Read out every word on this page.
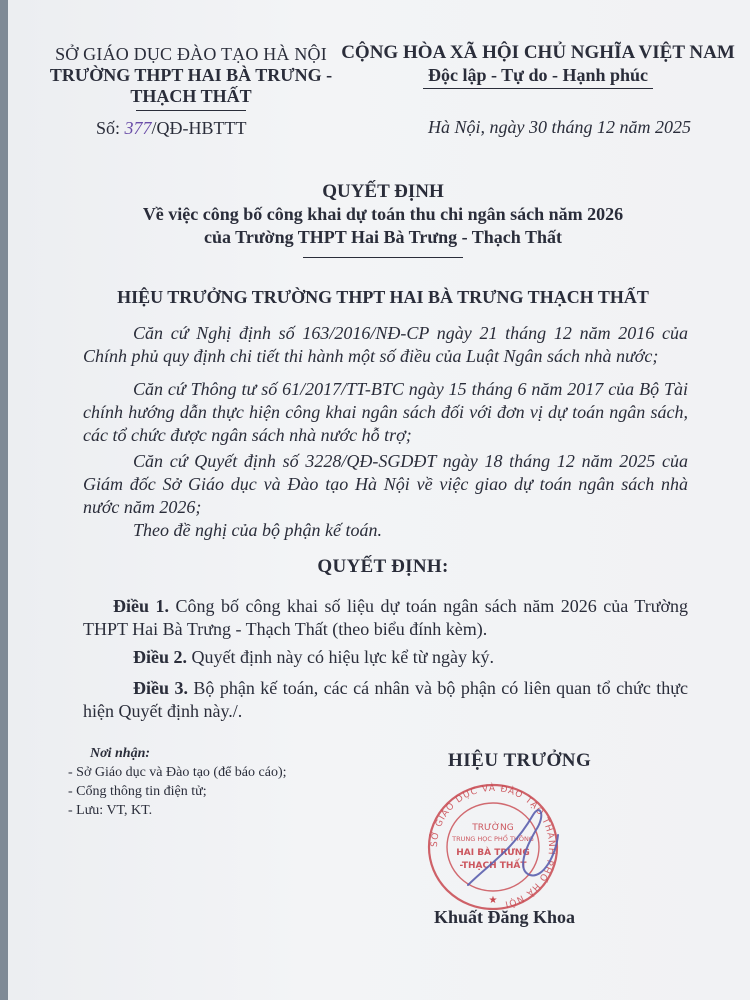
SỞ GIÁO DỤC ĐÀO TẠO HÀ NỘI
TRƯỜNG THPT HAI BÀ TRƯNG -
THẠCH THẤT
CỘNG HÒA XÃ HỘI CHỦ NGHĨA VIỆT NAM
Độc lập - Tự do - Hạnh phúc
Số: 377/QĐ-HBTTT	Hà Nội, ngày 30 tháng 12 năm 2025
QUYẾT ĐỊNH
Về việc công bố công khai dự toán thu chi ngân sách năm 2026
của Trường THPT Hai Bà Trưng - Thạch Thất
HIỆU TRƯỞNG TRƯỜNG THPT HAI BÀ TRƯNG THẠCH THẤT
Căn cứ Nghị định số 163/2016/NĐ-CP ngày 21 tháng 12 năm 2016 của Chính phủ quy định chi tiết thi hành một số điều của Luật Ngân sách nhà nước;
Căn cứ Thông tư số 61/2017/TT-BTC ngày 15 tháng 6 năm 2017 của Bộ Tài chính hướng dẫn thực hiện công khai ngân sách đối với đơn vị dự toán ngân sách, các tổ chức được ngân sách nhà nước hỗ trợ;
Căn cứ Quyết định số 3228/QĐ-SGDĐT ngày 18 tháng 12 năm 2025 của Giám đốc Sở Giáo dục và Đào tạo Hà Nội về việc giao dự toán ngân sách nhà nước năm 2026;
Theo đề nghị của bộ phận kế toán.
QUYẾT ĐỊNH:
Điều 1. Công bố công khai số liệu dự toán ngân sách năm 2026 của Trường THPT Hai Bà Trưng - Thạch Thất (theo biểu đính kèm).
Điều 2. Quyết định này có hiệu lực kể từ ngày ký.
Điều 3. Bộ phận kế toán, các cá nhân và bộ phận có liên quan tổ chức thực hiện Quyết định này./.
Nơi nhận:
- Sở Giáo dục và Đào tạo (để báo cáo);
- Cổng thông tin điện tử;
- Lưu: VT, KT.
HIỆU TRƯỞNG
SỞ GIÁO DỤC VÀ ĐÀO TẠO THÀNH PHỐ HÀ NỘI
TRƯỜNG
TRUNG HỌC PHỔ THÔNG
HAI BÀ TRƯNG
-THẠCH THẤT
★
Khuất Đăng Khoa
